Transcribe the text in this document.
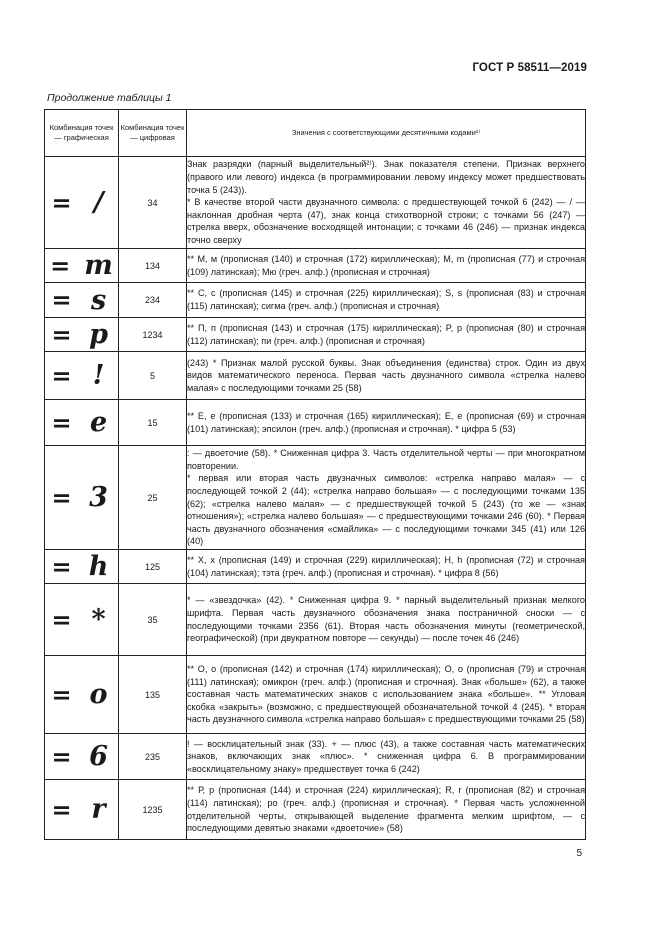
ГОСТ Р 58511—2019
Продолжение таблицы 1
Комбинация точек — графическая	Комбинация точек — цифровая	Значения с соответствующими десятичными кодами¹⁾

= /	34	Знак разрядки (парный выделительный²⁾). Знак показателя степени. Признак верхнего (правого или левого) индекса (в программировании левому индексу может предшествовать точка 5 (243)).
* В качестве второй части двузначного символа: с предшествующей точкой 6 (242) — / — наклонная дробная черта (47), знак конца стихотворной строки; с точками 56 (247) — стрелка вверх, обозначение восходящей интонации; с точками 46 (246) — признак индекса точно сверху

= m	134	** М, м (прописная (140) и строчная (172) кириллическая); M, m (прописная (77) и строчная (109) латинская); Мю (греч. алф.) (прописная и строчная)

= s	234	** С, с (прописная (145) и строчная (225) кириллическая); S, s (прописная (83) и строчная (115) латинская); сигма (греч. алф.) (прописная и строчная)

= p	1234	** П, п (прописная (143) и строчная (175) кириллическая); P, p (прописная (80) и строчная (112) латинская); пи (греч. алф.) (прописная и строчная)

= !	5	(243) * Признак малой русской буквы. Знак объединения (единства) строк. Один из двух видов математического переноса. Первая часть двузначного символа «стрелка налево малая» с последующими точками 25 (58)

= e	15	** Е, е (прописная (133) и строчная (165) кириллическая); E, e (прописная (69) и строчная (101) латинская); эпсилон (греч. алф.) (прописная и строчная). * цифра 5 (53)

= 3	25	: — двоеточие (58). * Сниженная цифра 3. Часть отделительной черты — при многократном повторении.
* первая или вторая часть двузначных символов: «стрелка направо малая» — с последующей точкой 2 (44); «стрелка направо большая» — с последующими точками 135 (62); «стрелка налево малая» — с предшествующей точкой 5 (243) (то же — «знак отношения»); «стрелка налево большая» — с предшествующими точками 246 (60). * Первая часть двузначного обозначения «смайлика» — с последующими точками 345 (41) или 126 (40)

= h	125	** Х, х (прописная (149) и строчная (229) кириллическая); H, h (прописная (72) и строчная (104) латинская); тэта (греч. алф.) (прописная и строчная). * цифра 8 (56)

= *	35	* — «звездочка» (42). * Сниженная цифра 9. * парный выделительный признак мелкого шрифта. Первая часть двузначного обозначения знака постраничной сноски — с последующими точками 2356 (61). Вторая часть обозначения минуты (геометрической, географической) (при двукратном повторе — секунды) — после точек 46 (246)

= o	135	** О, о (прописная (142) и строчная (174) кириллическая); O, o (прописная (79) и строчная (111) латинская); омикрон (греч. алф.) (прописная и строчная). Знак «больше» (62), а также составная часть математических знаков с использованием знака «больше». ** Угловая скобка «закрыть» (возможно, с предшествующей обозначательной точкой 4 (245). * вторая часть двузначного символа «стрелка направо большая» с предшествующими точками 25 (58)

= 6	235	! — восклицательный знак (33). + — плюс (43), а также составная часть математических знаков, включающих знак «плюс». * сниженная цифра 6. В программировании «восклицательному знаку» предшествует точка 6 (242)

= r	1235	** Р, р (прописная (144) и строчная (224) кириллическая); R, r (прописная (82) и строчная (114) латинская); ро (греч. алф.) (прописная и строчная). * Первая часть усложненной отделительной черты, открывающей выделение фрагмента мелким шрифтом, — с последующими девятью знаками «двоеточие» (58)

5
